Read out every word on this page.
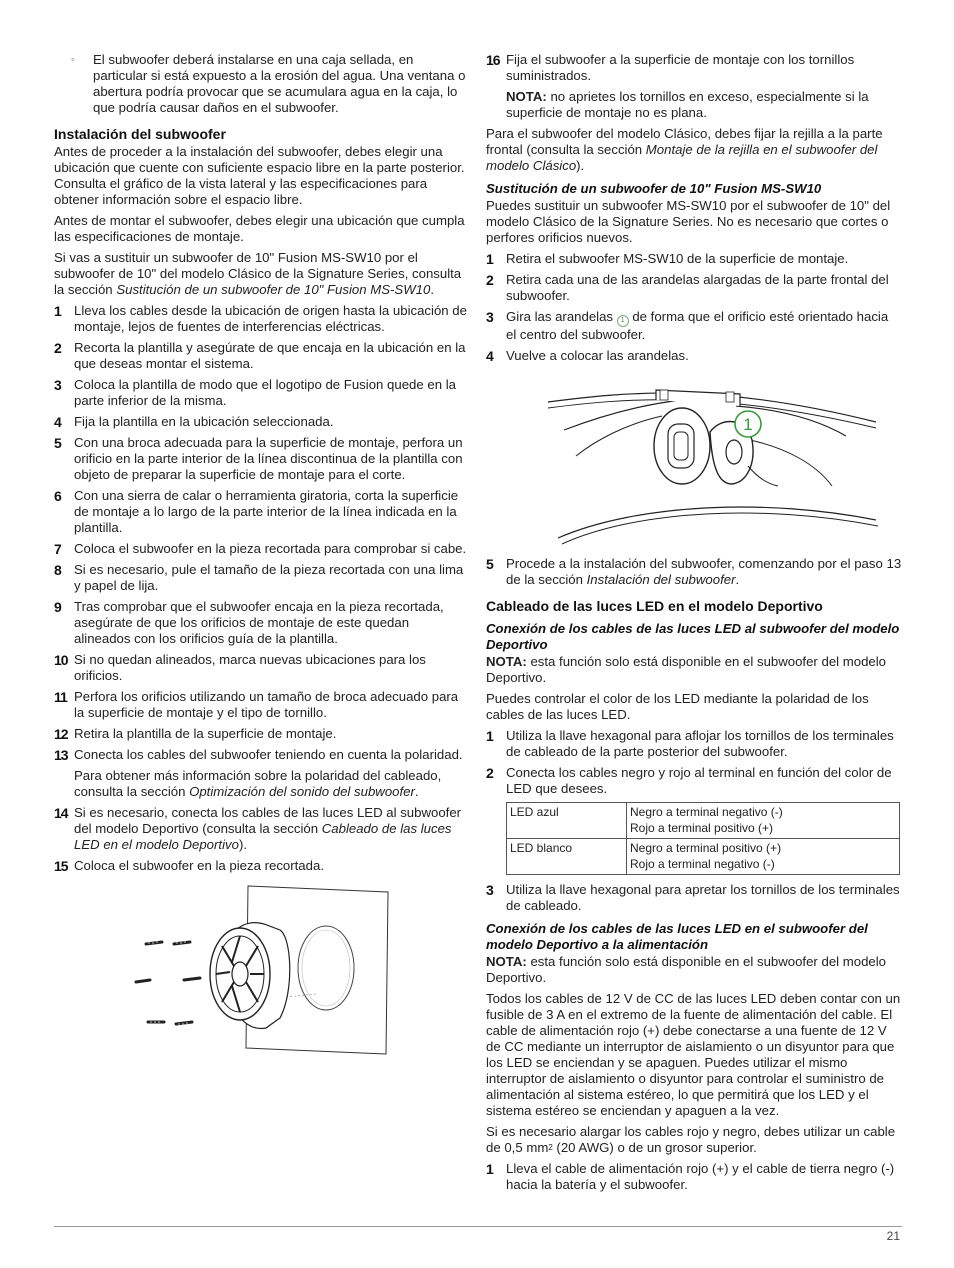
◦ El subwoofer deberá instalarse en una caja sellada, en particular si está expuesto a la erosión del agua. Una ventana o abertura podría provocar que se acumulara agua en la caja, lo que podría causar daños en el subwoofer.
Instalación del subwoofer

Antes de proceder a la instalación del subwoofer, debes elegir una ubicación que cuente con suficiente espacio libre en la parte posterior. Consulta el gráfico de la vista lateral y las especificaciones para obtener información sobre el espacio libre.

Antes de montar el subwoofer, debes elegir una ubicación que cumpla las especificaciones de montaje.

Si vas a sustituir un subwoofer de 10" Fusion MS-SW10 por el subwoofer de 10" del modelo Clásico de la Signature Series, consulta la sección Sustitución de un subwoofer de 10" Fusion MS-SW10.

1 Lleva los cables desde la ubicación de origen hasta la ubicación de montaje, lejos de fuentes de interferencias eléctricas.
2 Recorta la plantilla y asegúrate de que encaja en la ubicación en la que deseas montar el sistema.
3 Coloca la plantilla de modo que el logotipo de Fusion quede en la parte inferior de la misma.
4 Fija la plantilla en la ubicación seleccionada.
5 Con una broca adecuada para la superficie de montaje, perfora un orificio en la parte interior de la línea discontinua de la plantilla con objeto de preparar la superficie de montaje para el corte.
6 Con una sierra de calar o herramienta giratoria, corta la superficie de montaje a lo largo de la parte interior de la línea indicada en la plantilla.
7 Coloca el subwoofer en la pieza recortada para comprobar si cabe.
8 Si es necesario, pule el tamaño de la pieza recortada con una lima y papel de lija.
9 Tras comprobar que el subwoofer encaja en la pieza recortada, asegúrate de que los orificios de montaje de este quedan alineados con los orificios guía de la plantilla.
10 Si no quedan alineados, marca nuevas ubicaciones para los orificios.
11 Perfora los orificios utilizando un tamaño de broca adecuado para la superficie de montaje y el tipo de tornillo.
12 Retira la plantilla de la superficie de montaje.
13 Conecta los cables del subwoofer teniendo en cuenta la polaridad.
Para obtener más información sobre la polaridad del cableado, consulta la sección Optimización del sonido del subwoofer.
14 Si es necesario, conecta los cables de las luces LED al subwoofer del modelo Deportivo (consulta la sección Cableado de las luces LED en el modelo Deportivo).
15 Coloca el subwoofer en la pieza recortada.
16 Fija el subwoofer a la superficie de montaje con los tornillos suministrados.
NOTA: no aprietes los tornillos en exceso, especialmente si la superficie de montaje no es plana.

Para el subwoofer del modelo Clásico, debes fijar la rejilla a la parte frontal (consulta la sección Montaje de la rejilla en el subwoofer del modelo Clásico).

Sustitución de un subwoofer de 10" Fusion MS-SW10

Puedes sustituir un subwoofer MS-SW10 por el subwoofer de 10" del modelo Clásico de la Signature Series. No es necesario que cortes o perfores orificios nuevos.

1 Retira el subwoofer MS-SW10 de la superficie de montaje.
2 Retira cada una de las arandelas alargadas de la parte frontal del subwoofer.
3 Gira las arandelas 1 de forma que el orificio esté orientado hacia el centro del subwoofer.
4 Vuelve a colocar las arandelas.
1
5 Procede a la instalación del subwoofer, comenzando por el paso 13 de la sección Instalación del subwoofer.
Cableado de las luces LED en el modelo Deportivo
Conexión de los cables de las luces LED al subwoofer del modelo Deportivo

NOTA: esta función solo está disponible en el subwoofer del modelo Deportivo.

Puedes controlar el color de los LED mediante la polaridad de los cables de las luces LED.

1 Utiliza la llave hexagonal para aflojar los tornillos de los terminales de cableado de la parte posterior del subwoofer.
2 Conecta los cables negro y rojo al terminal en función del color de LED que desees.
LED azul	Negro a terminal negativo (-)
Rojo a terminal positivo (+)

LED blanco	Negro a terminal positivo (+)
Rojo a terminal negativo (-)
3 Utiliza la llave hexagonal para apretar los tornillos de los terminales de cableado.
Conexión de los cables de las luces LED en el subwoofer del modelo Deportivo a la alimentación

NOTA: esta función solo está disponible en el subwoofer del modelo Deportivo.

Todos los cables de 12 V de CC de las luces LED deben contar con un fusible de 3 A en el extremo de la fuente de alimentación del cable. El cable de alimentación rojo (+) debe conectarse a una fuente de 12 V de CC mediante un interruptor de aislamiento o un disyuntor para que los LED se enciendan y se apaguen. Puedes utilizar el mismo interruptor de aislamiento o disyuntor para controlar el suministro de alimentación al sistema estéreo, lo que permitirá que los LED y el sistema estéreo se enciendan y apaguen a la vez.

Si es necesario alargar los cables rojo y negro, debes utilizar un cable de 0,5 $mm^2$ (20 AWG) o de un grosor superior.

1 Lleva el cable de alimentación rojo (+) y el cable de tierra negro (-) hacia la batería y el subwoofer.
21
